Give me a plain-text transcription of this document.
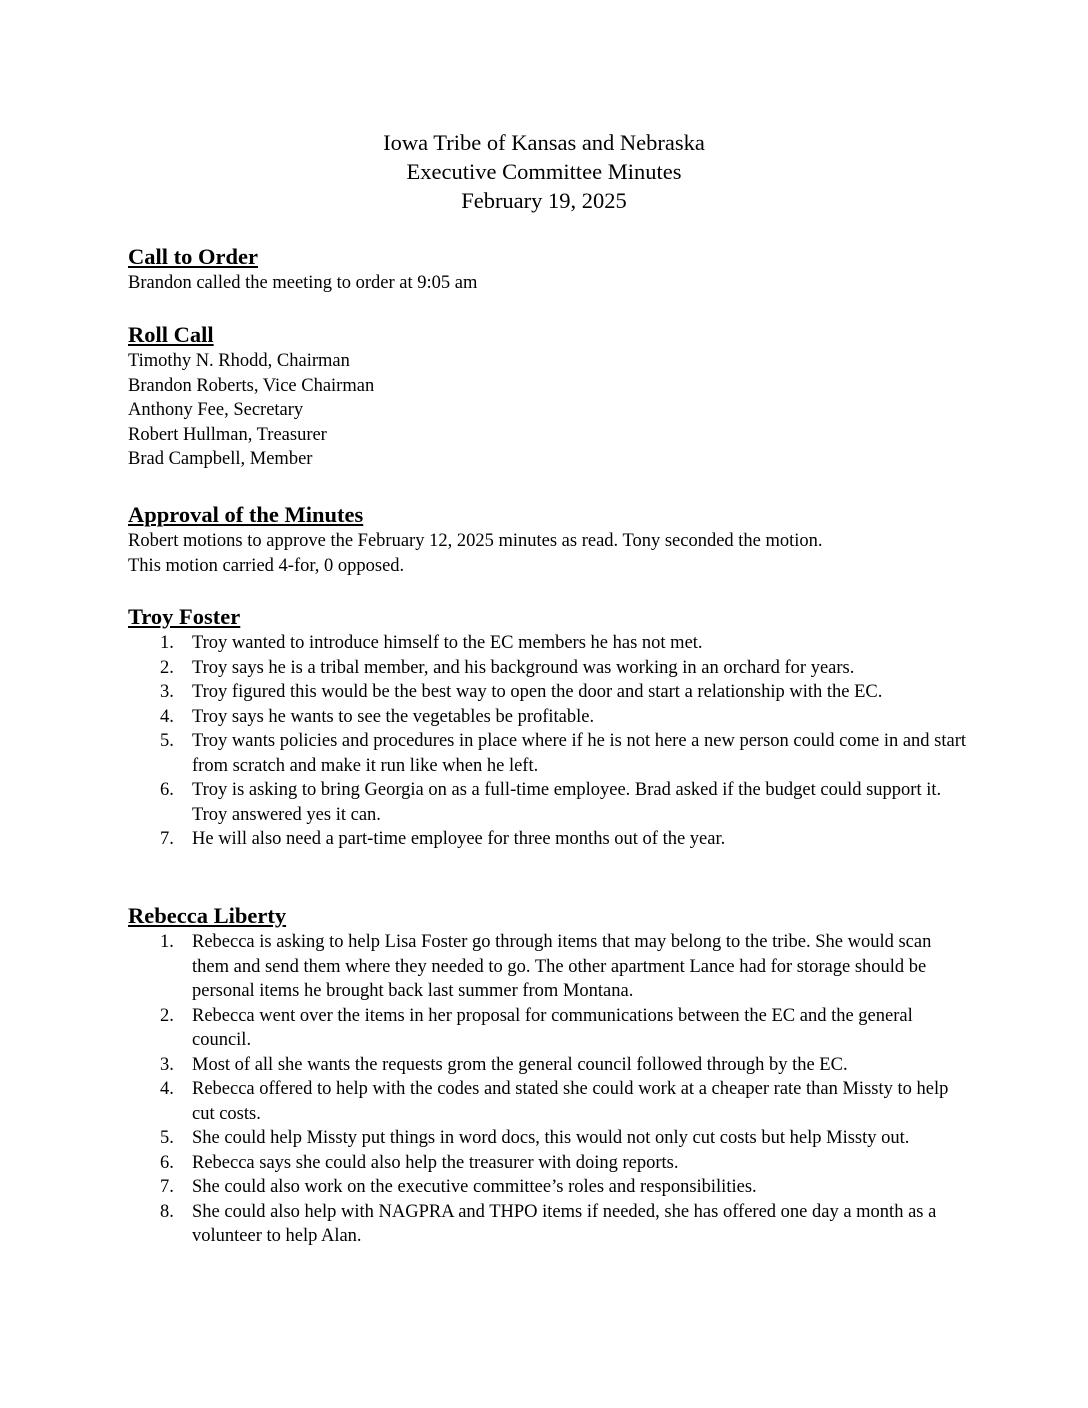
Iowa Tribe of Kansas and Nebraska
Executive Committee Minutes
February 19, 2025
Call to Order
Brandon called the meeting to order at 9:05 am
Roll Call
Timothy N. Rhodd, Chairman
Brandon Roberts, Vice Chairman
Anthony Fee, Secretary
Robert Hullman, Treasurer
Brad Campbell, Member
Approval of the Minutes
Robert motions to approve the February 12, 2025 minutes as read. Tony seconded the motion.
This motion carried 4-for, 0 opposed.
Troy Foster
1. Troy wanted to introduce himself to the EC members he has not met.
2. Troy says he is a tribal member, and his background was working in an orchard for years.
3. Troy figured this would be the best way to open the door and start a relationship with the EC.
4. Troy says he wants to see the vegetables be profitable.
5. Troy wants policies and procedures in place where if he is not here a new person could come in and start from scratch and make it run like when he left.
6. Troy is asking to bring Georgia on as a full-time employee. Brad asked if the budget could support it. Troy answered yes it can.
7. He will also need a part-time employee for three months out of the year.
Rebecca Liberty
1. Rebecca is asking to help Lisa Foster go through items that may belong to the tribe. She would scan them and send them where they needed to go. The other apartment Lance had for storage should be personal items he brought back last summer from Montana.
2. Rebecca went over the items in her proposal for communications between the EC and the general council.
3. Most of all she wants the requests grom the general council followed through by the EC.
4. Rebecca offered to help with the codes and stated she could work at a cheaper rate than Missty to help cut costs.
5. She could help Missty put things in word docs, this would not only cut costs but help Missty out.
6. Rebecca says she could also help the treasurer with doing reports.
7. She could also work on the executive committee’s roles and responsibilities.
8. She could also help with NAGPRA and THPO items if needed, she has offered one day a month as a volunteer to help Alan.
